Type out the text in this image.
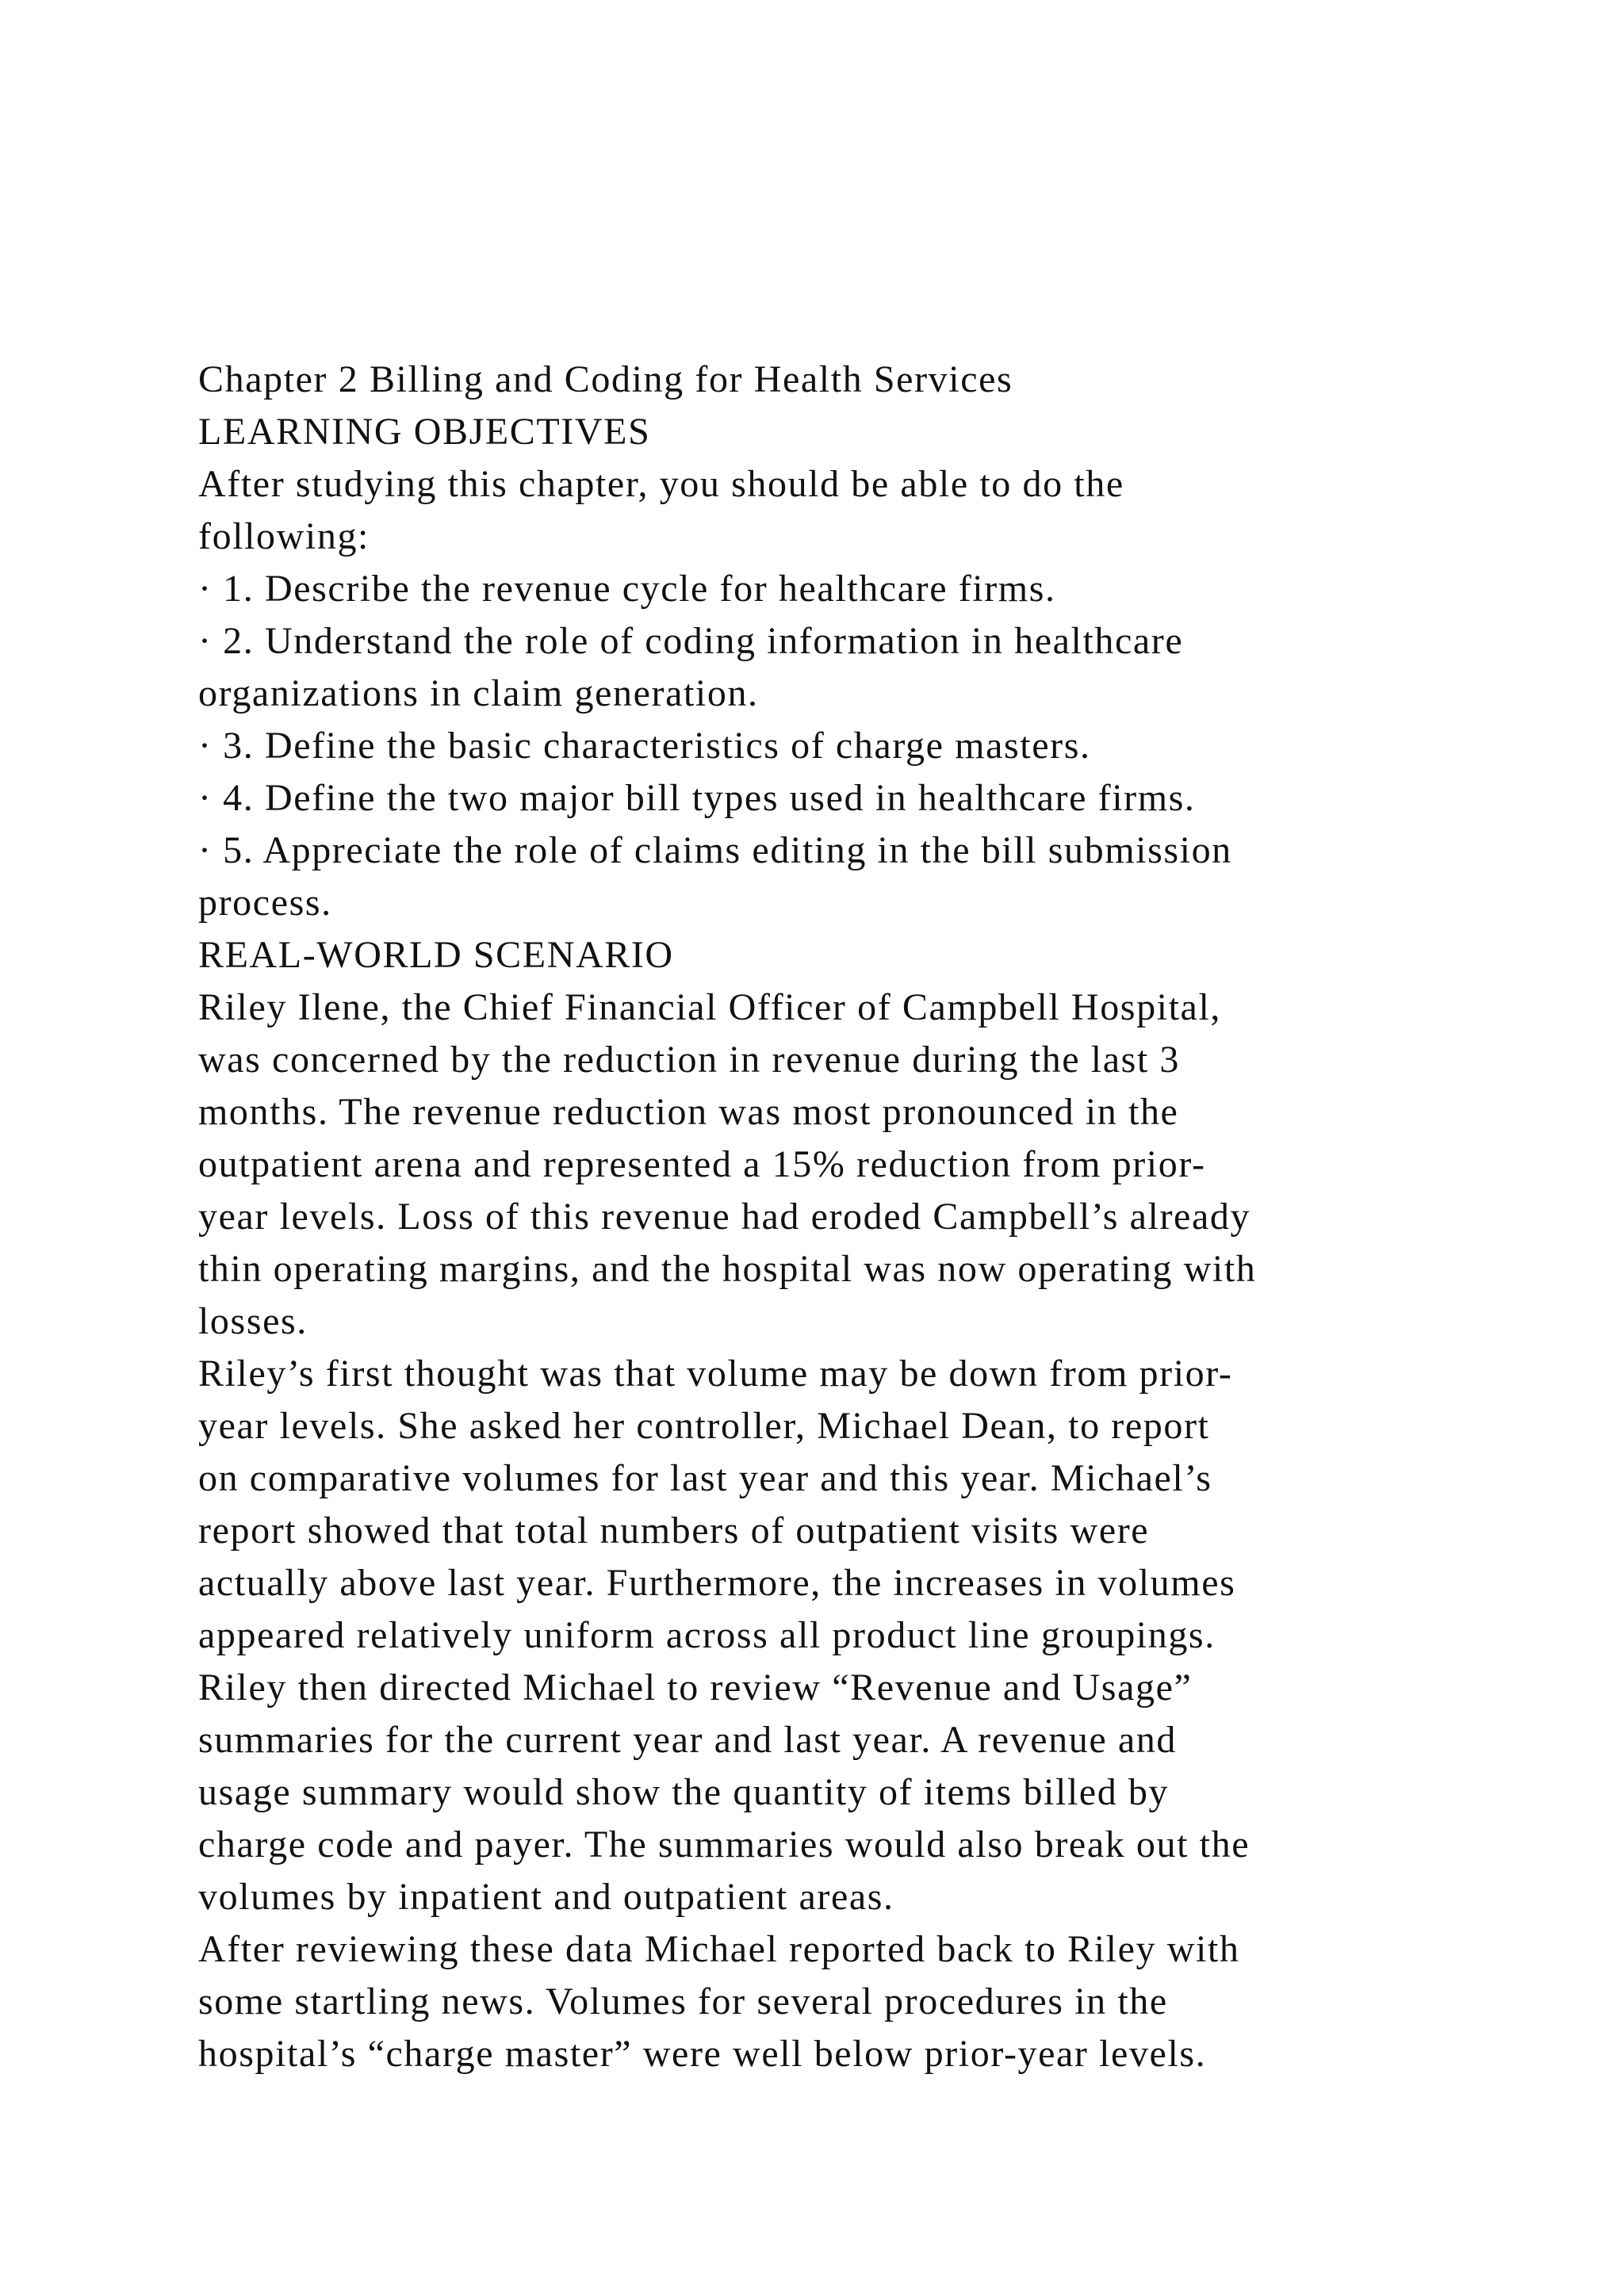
Chapter 2 Billing and Coding for Health Services
LEARNING OBJECTIVES
After studying this chapter, you should be able to do the
following:
· 1. Describe the revenue cycle for healthcare firms.
· 2. Understand the role of coding information in healthcare
organizations in claim generation.
· 3. Define the basic characteristics of charge masters.
· 4. Define the two major bill types used in healthcare firms.
· 5. Appreciate the role of claims editing in the bill submission
process.
REAL-WORLD SCENARIO
Riley Ilene, the Chief Financial Officer of Campbell Hospital,
was concerned by the reduction in revenue during the last 3
months. The revenue reduction was most pronounced in the
outpatient arena and represented a 15% reduction from prior-
year levels. Loss of this revenue had eroded Campbell’s already
thin operating margins, and the hospital was now operating with
losses.
Riley’s first thought was that volume may be down from prior-
year levels. She asked her controller, Michael Dean, to report
on comparative volumes for last year and this year. Michael’s
report showed that total numbers of outpatient visits were
actually above last year. Furthermore, the increases in volumes
appeared relatively uniform across all product line groupings.
Riley then directed Michael to review “Revenue and Usage”
summaries for the current year and last year. A revenue and
usage summary would show the quantity of items billed by
charge code and payer. The summaries would also break out the
volumes by inpatient and outpatient areas.
After reviewing these data Michael reported back to Riley with
some startling news. Volumes for several procedures in the
hospital’s “charge master” were well below prior-year levels.
